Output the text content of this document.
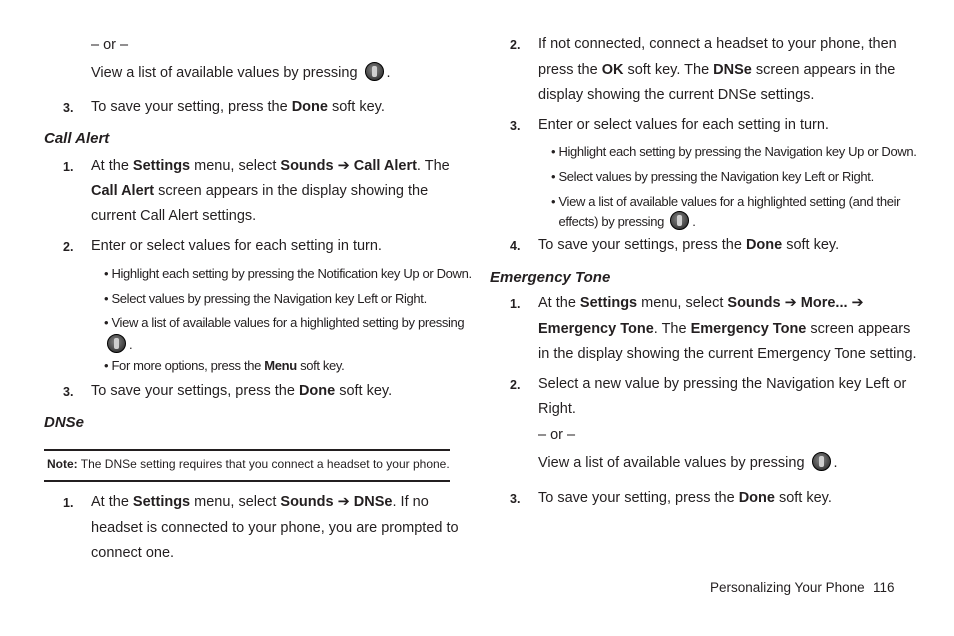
– or –
View a list of available values by pressing .
3. To save your setting, press the Done soft key.
Call Alert
1. At the Settings menu, select Sounds ➔ Call Alert. The
Call Alert screen appears in the display showing the
current Call Alert settings.
2. Enter or select values for each setting in turn.
• Highlight each setting by pressing the Notification key Up or Down.
• Select values by pressing the Navigation key Left or Right.
• View a list of available values for a highlighted setting by pressing
.
• For more options, press the Menu soft key.
3. To save your settings, press the Done soft key.
DNSe
Note: The DNSe setting requires that you connect a headset to your phone.
1. At the Settings menu, select Sounds ➔ DNSe. If no
headset is connected to your phone, you are prompted to
connect one.
2. If not connected, connect a headset to your phone, then
press the OK soft key. The DNSe screen appears in the
display showing the current DNSe settings.
3. Enter or select values for each setting in turn.
• Highlight each setting by pressing the Navigation key Up or Down.
• Select values by pressing the Navigation key Left or Right.
• View a list of available values for a highlighted setting (and their
effects) by pressing .
4. To save your settings, press the Done soft key.
Emergency Tone
1. At the Settings menu, select Sounds ➔ More... ➔
Emergency Tone. The Emergency Tone screen appears
in the display showing the current Emergency Tone setting.
2. Select a new value by pressing the Navigation key Left or
Right.
– or –
View a list of available values by pressing .
3. To save your setting, press the Done soft key.
Personalizing Your Phone 116
